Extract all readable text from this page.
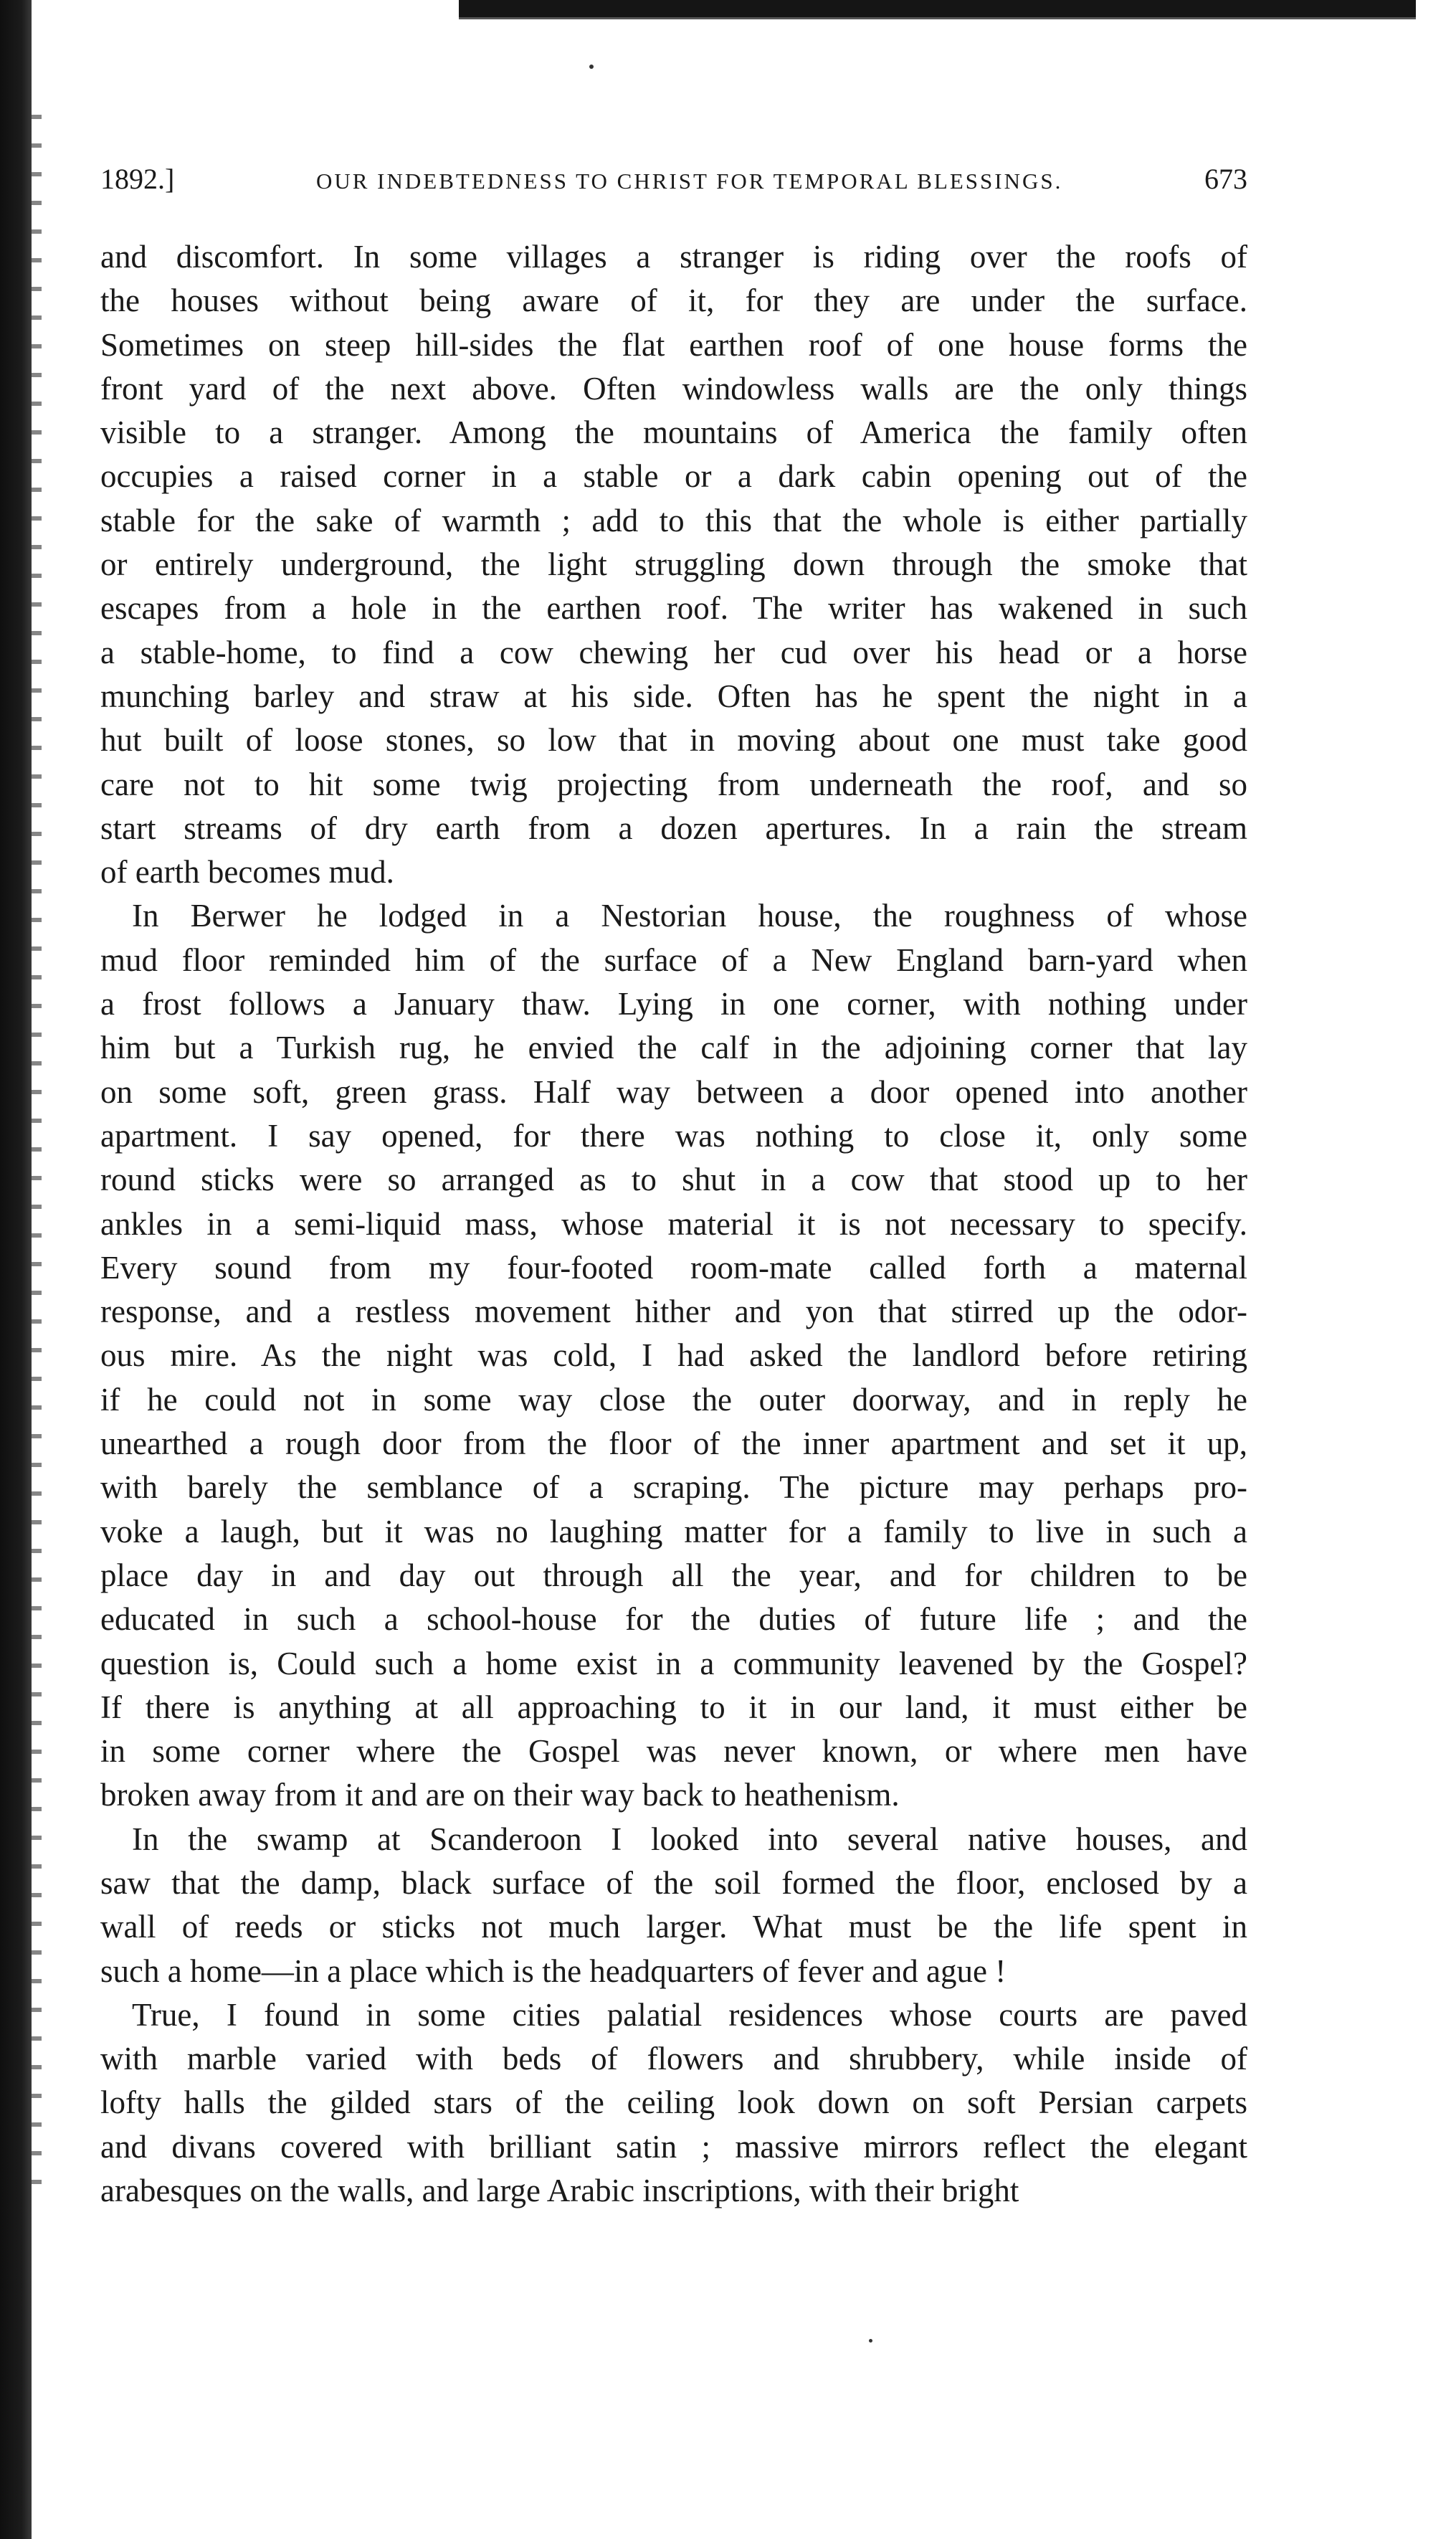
1892.]	OUR INDEBTEDNESS TO CHRIST FOR TEMPORAL BLESSINGS.	673
and discomfort. In some villages a stranger is riding over the roofs of
the houses without being aware of it, for they are under the surface.
Sometimes on steep hill-sides the flat earthen roof of one house forms the
front yard of the next above. Often windowless walls are the only things
visible to a stranger. Among the mountains of America the family often
occupies a raised corner in a stable or a dark cabin opening out of the
stable for the sake of warmth ; add to this that the whole is either partially
or entirely underground, the light struggling down through the smoke that
escapes from a hole in the earthen roof. The writer has wakened in such
a stable-home, to find a cow chewing her cud over his head or a horse
munching barley and straw at his side. Often has he spent the night in a
hut built of loose stones, so low that in moving about one must take good
care not to hit some twig projecting from underneath the roof, and so
start streams of dry earth from a dozen apertures. In a rain the stream
of earth becomes mud.
In Berwer he lodged in a Nestorian house, the roughness of whose
mud floor reminded him of the surface of a New England barn-yard when
a frost follows a January thaw. Lying in one corner, with nothing under
him but a Turkish rug, he envied the calf in the adjoining corner that lay
on some soft, green grass. Half way between a door opened into another
apartment. I say opened, for there was nothing to close it, only some
round sticks were so arranged as to shut in a cow that stood up to her
ankles in a semi-liquid mass, whose material it is not necessary to specify.
Every sound from my four-footed room-mate called forth a maternal
response, and a restless movement hither and yon that stirred up the odor-
ous mire. As the night was cold, I had asked the landlord before retiring
if he could not in some way close the outer doorway, and in reply he
unearthed a rough door from the floor of the inner apartment and set it up,
with barely the semblance of a scraping. The picture may perhaps pro-
voke a laugh, but it was no laughing matter for a family to live in such a
place day in and day out through all the year, and for children to be
educated in such a school-house for the duties of future life ; and the
question is, Could such a home exist in a community leavened by the Gospel?
If there is anything at all approaching to it in our land, it must either be
in some corner where the Gospel was never known, or where men have
broken away from it and are on their way back to heathenism.
In the swamp at Scanderoon I looked into several native houses, and
saw that the damp, black surface of the soil formed the floor, enclosed by a
wall of reeds or sticks not much larger. What must be the life spent in
such a home—in a place which is the headquarters of fever and ague !
True, I found in some cities palatial residences whose courts are paved
with marble varied with beds of flowers and shrubbery, while inside of
lofty halls the gilded stars of the ceiling look down on soft Persian carpets
and divans covered with brilliant satin ; massive mirrors reflect the elegant
arabesques on the walls, and large Arabic inscriptions, with their bright
